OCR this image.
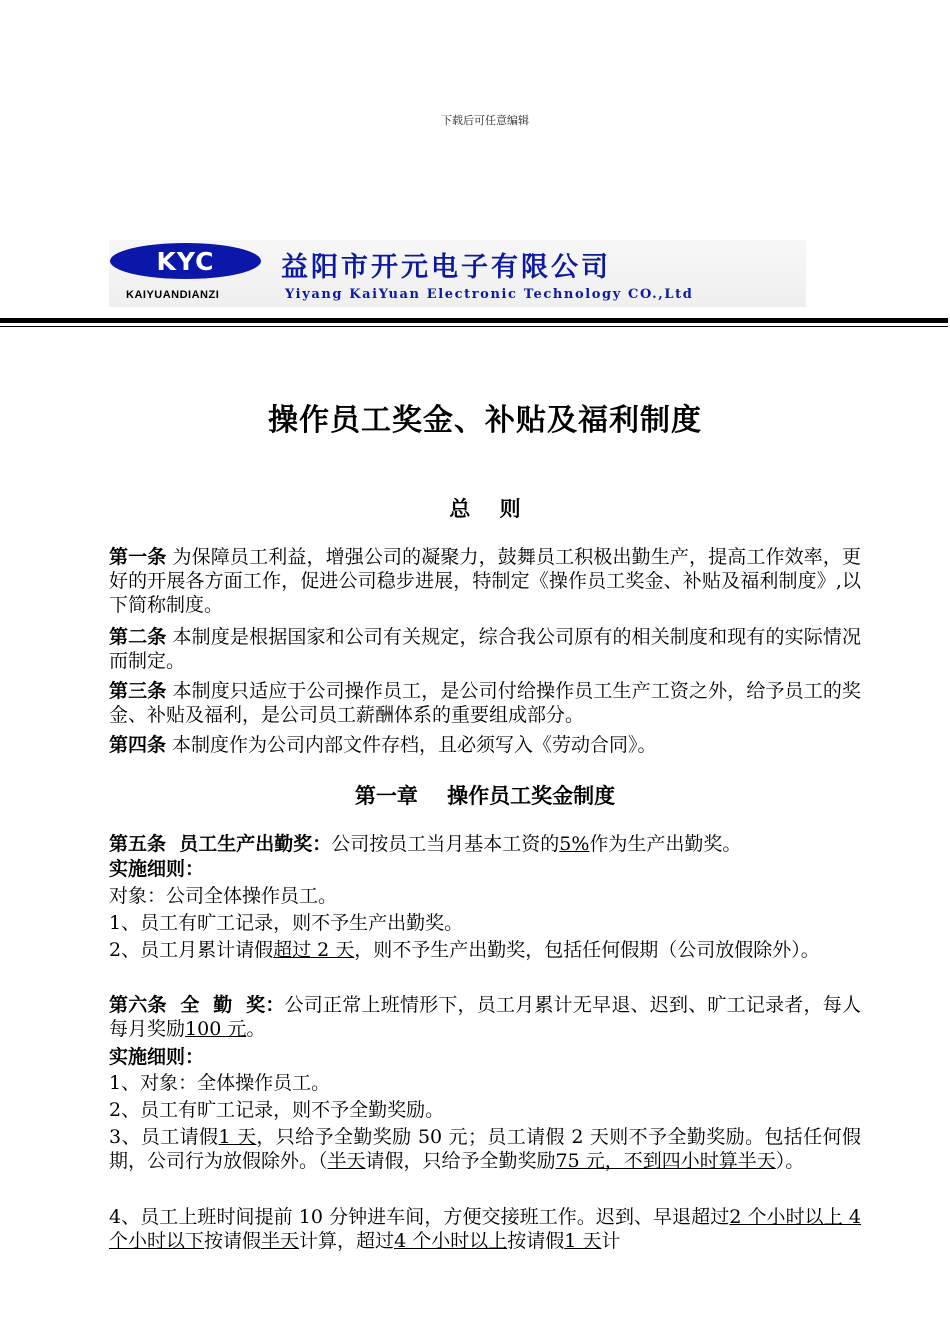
下载后可任意编辑
KYC
KAIYUANDIANZI
益阳市开元电子有限公司
Yiyang KaiYuan Electronic Technology CO.,Ltd
操作员工奖金、补贴及福利制度
总    则
第一条 为保障员工利益，增强公司的凝聚力，鼓舞员工积极出勤生产，提高工作效率，更好的开展各方面工作，促进公司稳步进展，特制定《操作员工奖金、补贴及福利制度》,以下简称制度。
第二条 本制度是根据国家和公司有关规定，综合我公司原有的相关制度和现有的实际情况而制定。
第三条 本制度只适应于公司操作员工，是公司付给操作员工生产工资之外，给予员工的奖金、补贴及福利，是公司员工薪酬体系的重要组成部分。
第四条 本制度作为公司内部文件存档，且必须写入《劳动合同》。
第一章    操作员工奖金制度
第五条  员工生产出勤奖：公司按员工当月基本工资的5%作为生产出勤奖。
实施细则：
对象：公司全体操作员工。
1、员工有旷工记录，则不予生产出勤奖。
2、员工月累计请假超过 2 天，则不予生产出勤奖，包括任何假期（公司放假除外）。
第六条  全  勤  奖：公司正常上班情形下，员工月累计无早退、迟到、旷工记录者，每人每月奖励100 元。
实施细则：
1、对象：全体操作员工。
2、员工有旷工记录，则不予全勤奖励。
3、员工请假1 天，只给予全勤奖励 50 元；员工请假 2 天则不予全勤奖励。包括任何假期，公司行为放假除外。（半天请假，只给予全勤奖励75 元，不到四小时算半天）。
4、员工上班时间提前 10 分钟进车间，方便交接班工作。迟到、早退超过2 个小时以上 4 个小时以下按请假半天计算，超过4 个小时以上按请假1 天计
